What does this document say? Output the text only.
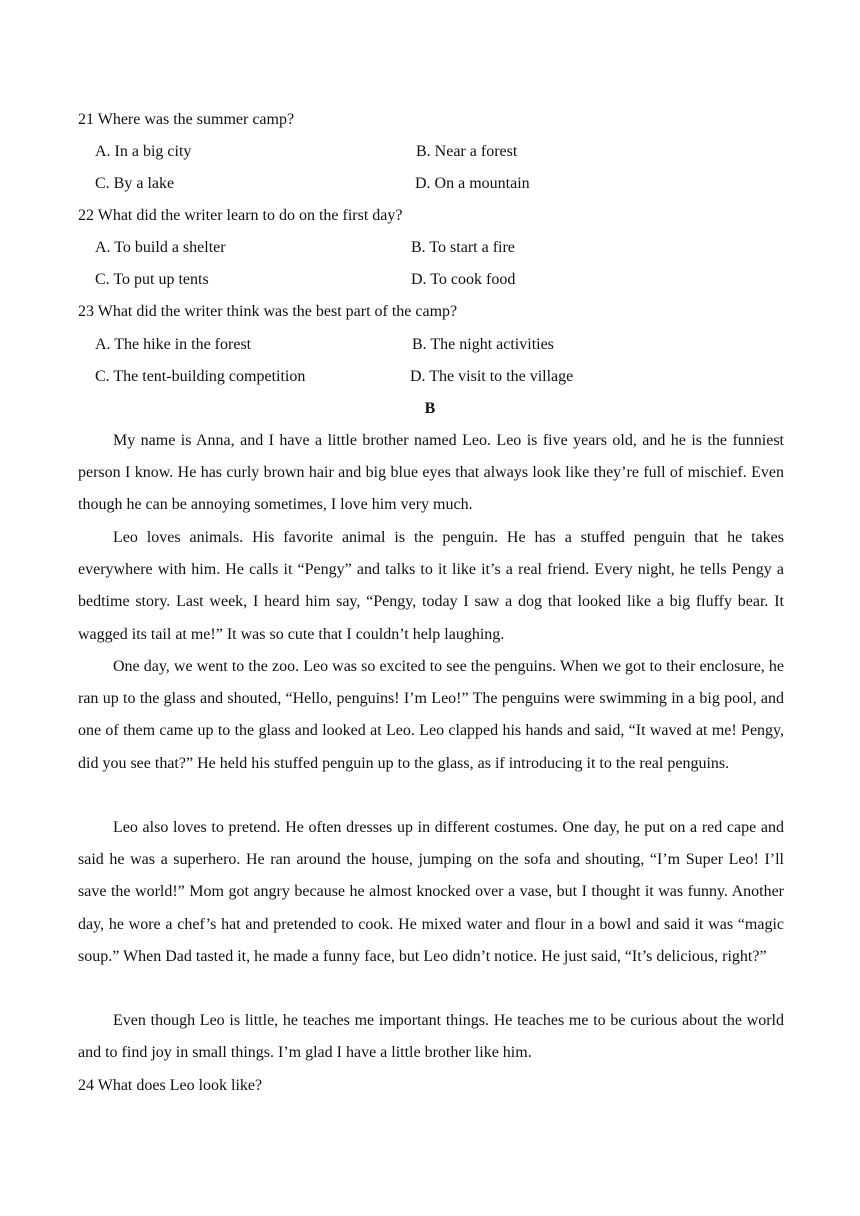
21 Where was the summer camp?
A. In a big city	B. Near a forest
C. By a lake	D. On a mountain
22 What did the writer learn to do on the first day?
A. To build a shelter	B. To start a fire
C. To put up tents	D. To cook food
23 What did the writer think was the best part of the camp?
A. The hike in the forest	B. The night activities
C. The tent-building competition	D. The visit to the village
B

My name is Anna, and I have a little brother named Leo. Leo is five years old, and he is the funniest person I know. He has curly brown hair and big blue eyes that always look like they’re full of mischief. Even though he can be annoying sometimes, I love him very much.

Leo loves animals. His favorite animal is the penguin. He has a stuffed penguin that he takes everywhere with him. He calls it “Pengy” and talks to it like it’s a real friend. Every night, he tells Pengy a bedtime story. Last week, I heard him say, “Pengy, today I saw a dog that looked like a big fluffy bear. It wagged its tail at me!” It was so cute that I couldn’t help laughing.

One day, we went to the zoo. Leo was so excited to see the penguins. When we got to their enclosure, he ran up to the glass and shouted, “Hello, penguins! I’m Leo!” The penguins were swimming in a big pool, and one of them came up to the glass and looked at Leo. Leo clapped his hands and said, “It waved at me! Pengy, did you see that?” He held his stuffed penguin up to the glass, as if introducing it to the real penguins.

Leo also loves to pretend. He often dresses up in different costumes. One day, he put on a red cape and said he was a superhero. He ran around the house, jumping on the sofa and shouting, “I’m Super Leo! I’ll save the world!” Mom got angry because he almost knocked over a vase, but I thought it was funny. Another day, he wore a chef’s hat and pretended to cook. He mixed water and flour in a bowl and said it was “magic soup.” When Dad tasted it, he made a funny face, but Leo didn’t notice. He just said, “It’s delicious, right?”

Even though Leo is little, he teaches me important things. He teaches me to be curious about the world and to find joy in small things. I’m glad I have a little brother like him.

24 What does Leo look like?
